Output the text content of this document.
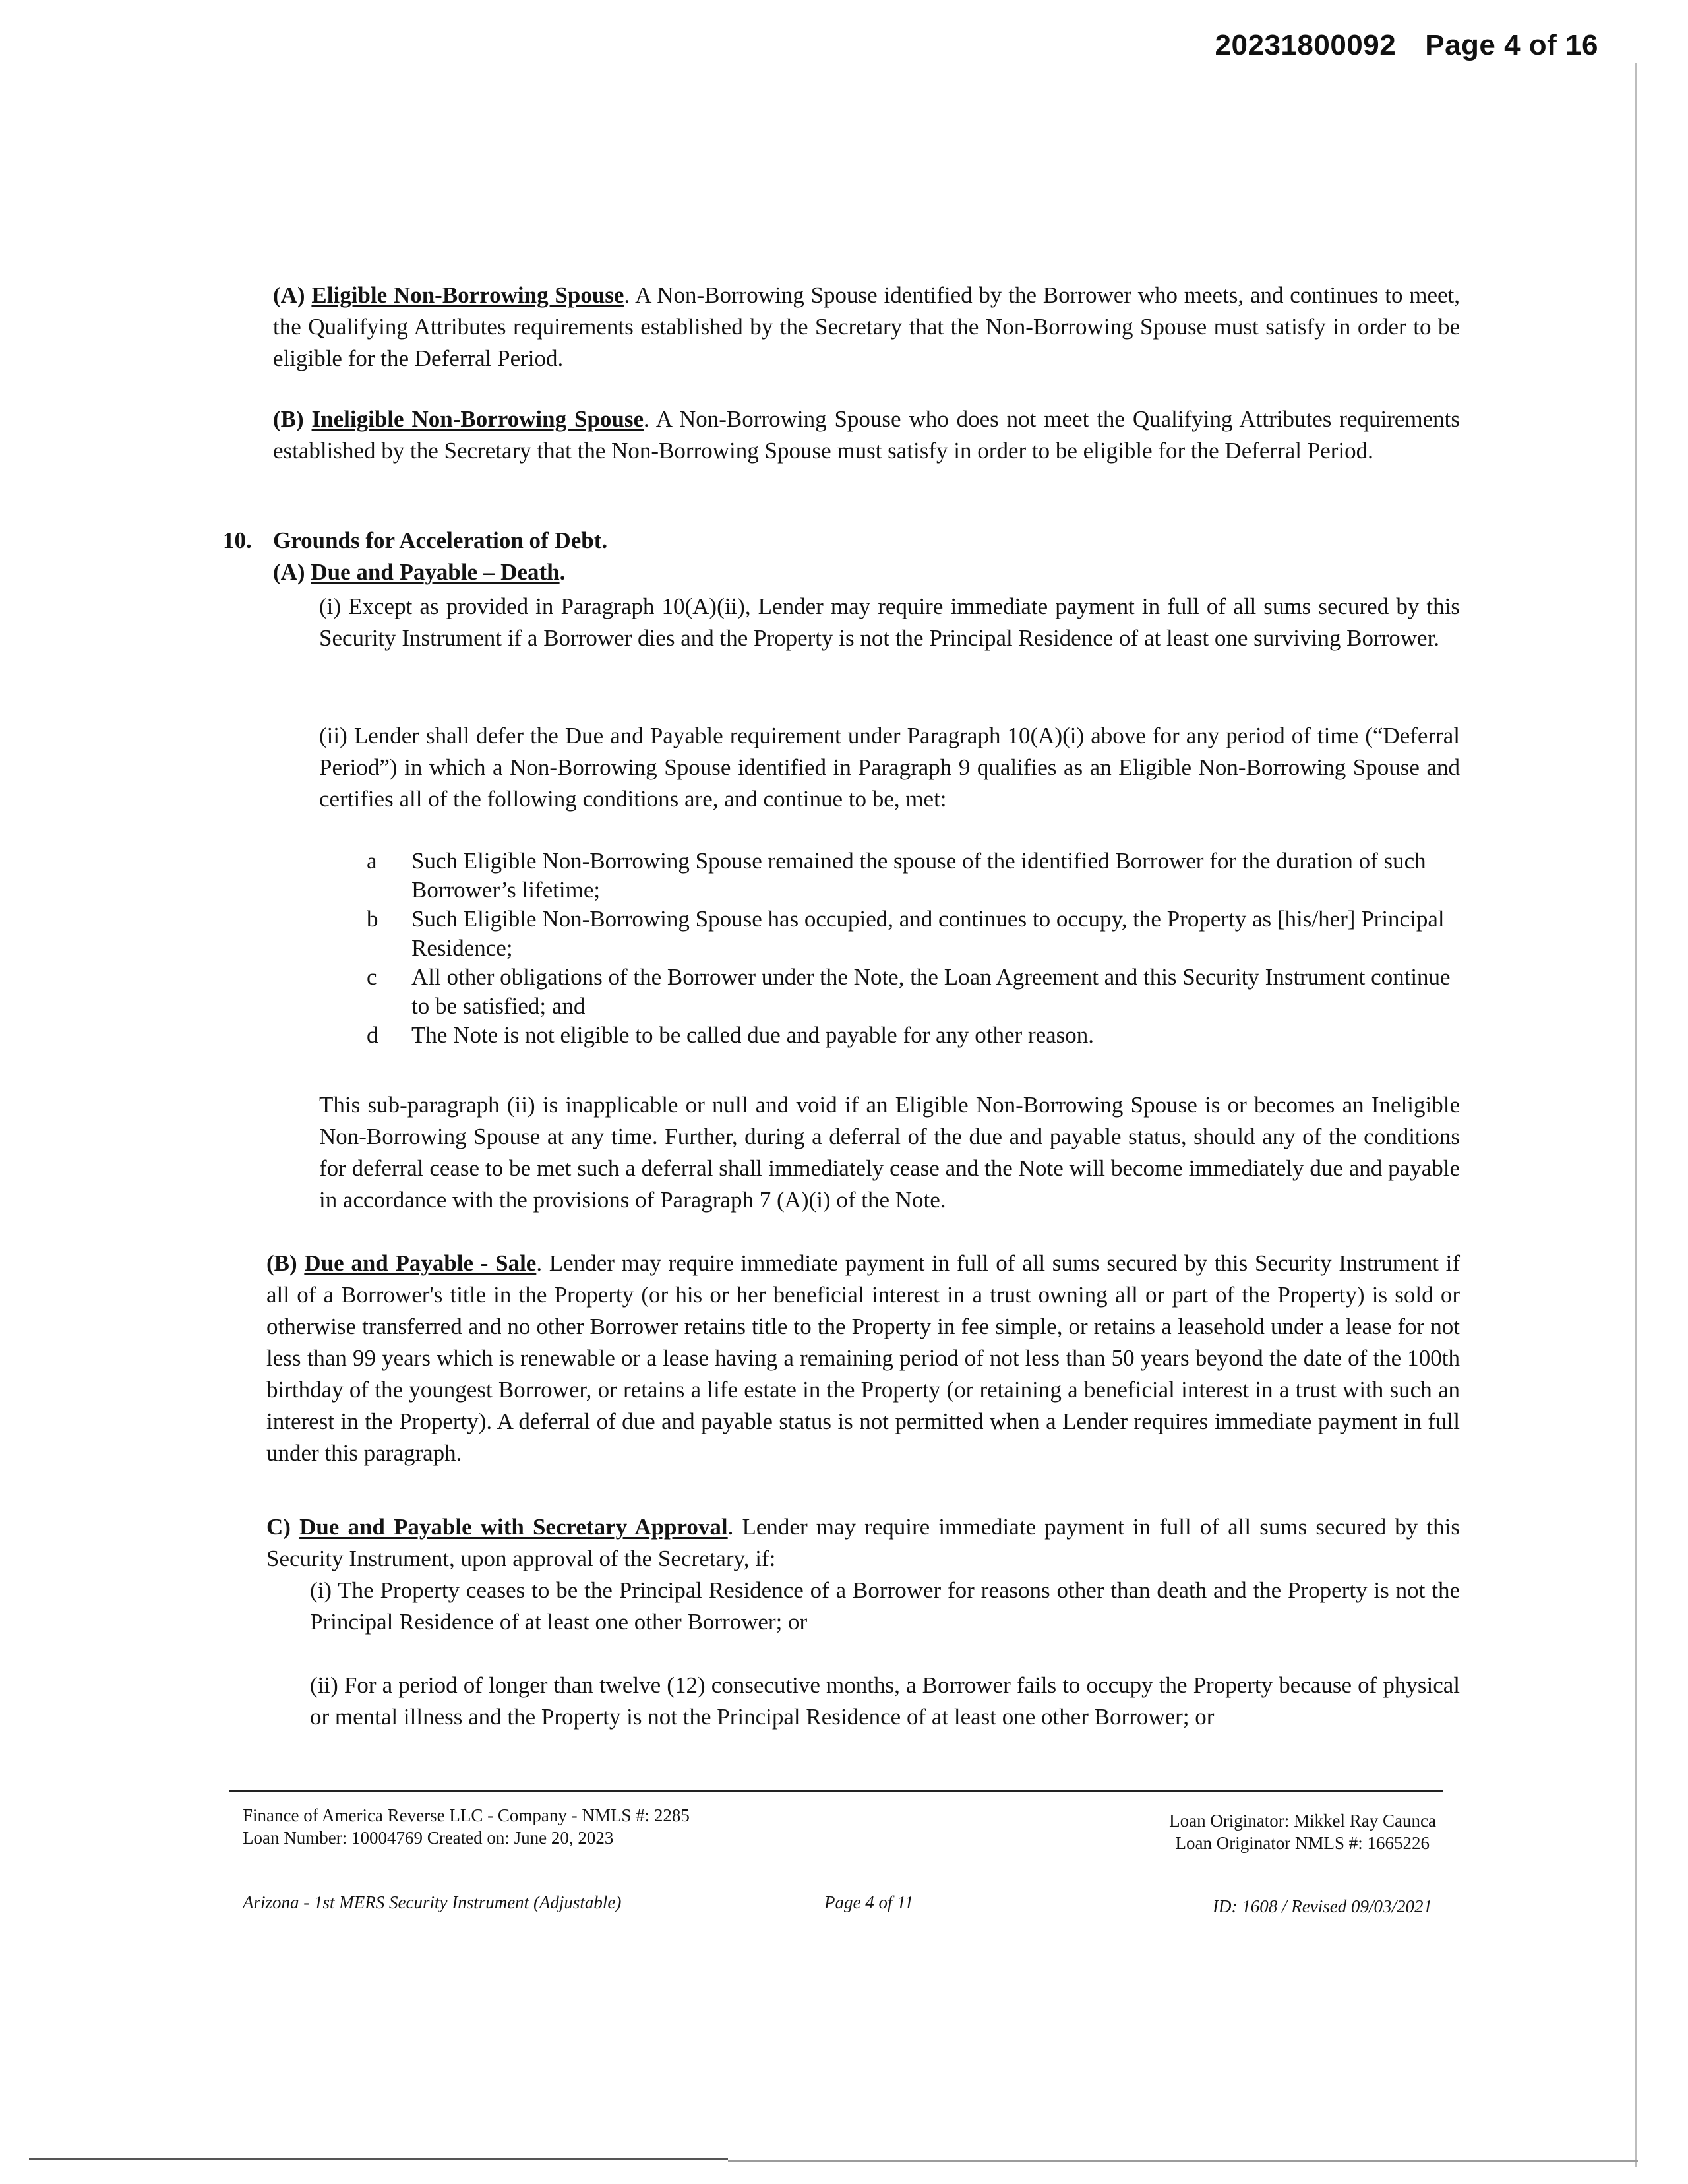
20231800092 Page 4 of 16

(A) Eligible Non-Borrowing Spouse. A Non-Borrowing Spouse identified by the Borrower who meets, and continues to meet, the Qualifying Attributes requirements established by the Secretary that the Non-Borrowing Spouse must satisfy in order to be eligible for the Deferral Period.

(B) Ineligible Non-Borrowing Spouse. A Non-Borrowing Spouse who does not meet the Qualifying Attributes requirements established by the Secretary that the Non-Borrowing Spouse must satisfy in order to be eligible for the Deferral Period.

10. Grounds for Acceleration of Debt.
(A) Due and Payable – Death.

(i) Except as provided in Paragraph 10(A)(ii), Lender may require immediate payment in full of all sums secured by this Security Instrument if a Borrower dies and the Property is not the Principal Residence of at least one surviving Borrower.

(ii) Lender shall defer the Due and Payable requirement under Paragraph 10(A)(i) above for any period of time (“Deferral Period”) in which a Non-Borrowing Spouse identified in Paragraph 9 qualifies as an Eligible Non-Borrowing Spouse and certifies all of the following conditions are, and continue to be, met:

a Such Eligible Non-Borrowing Spouse remained the spouse of the identified Borrower for the duration of such Borrower’s lifetime;
b Such Eligible Non-Borrowing Spouse has occupied, and continues to occupy, the Property as [his/her] Principal Residence;
c All other obligations of the Borrower under the Note, the Loan Agreement and this Security Instrument continue to be satisfied; and
d The Note is not eligible to be called due and payable for any other reason.

This sub-paragraph (ii) is inapplicable or null and void if an Eligible Non-Borrowing Spouse is or becomes an Ineligible Non-Borrowing Spouse at any time. Further, during a deferral of the due and payable status, should any of the conditions for deferral cease to be met such a deferral shall immediately cease and the Note will become immediately due and payable in accordance with the provisions of Paragraph 7 (A)(i) of the Note.

(B) Due and Payable - Sale. Lender may require immediate payment in full of all sums secured by this Security Instrument if all of a Borrower's title in the Property (or his or her beneficial interest in a trust owning all or part of the Property) is sold or otherwise transferred and no other Borrower retains title to the Property in fee simple, or retains a leasehold under a lease for not less than 99 years which is renewable or a lease having a remaining period of not less than 50 years beyond the date of the 100th birthday of the youngest Borrower, or retains a life estate in the Property (or retaining a beneficial interest in a trust with such an interest in the Property). A deferral of due and payable status is not permitted when a Lender requires immediate payment in full under this paragraph.

C) Due and Payable with Secretary Approval. Lender may require immediate payment in full of all sums secured by this Security Instrument, upon approval of the Secretary, if:

(i) The Property ceases to be the Principal Residence of a Borrower for reasons other than death and the Property is not the Principal Residence of at least one other Borrower; or

(ii) For a period of longer than twelve (12) consecutive months, a Borrower fails to occupy the Property because of physical or mental illness and the Property is not the Principal Residence of at least one other Borrower; or

Finance of America Reverse LLC - Company - NMLS #: 2285
Loan Number: 10004769 Created on: June 20, 2023
Loan Originator: Mikkel Ray Caunca
Loan Originator NMLS #: 1665226
Arizona - 1st MERS Security Instrument (Adjustable)	Page 4 of 11	ID: 1608 / Revised 09/03/2021
